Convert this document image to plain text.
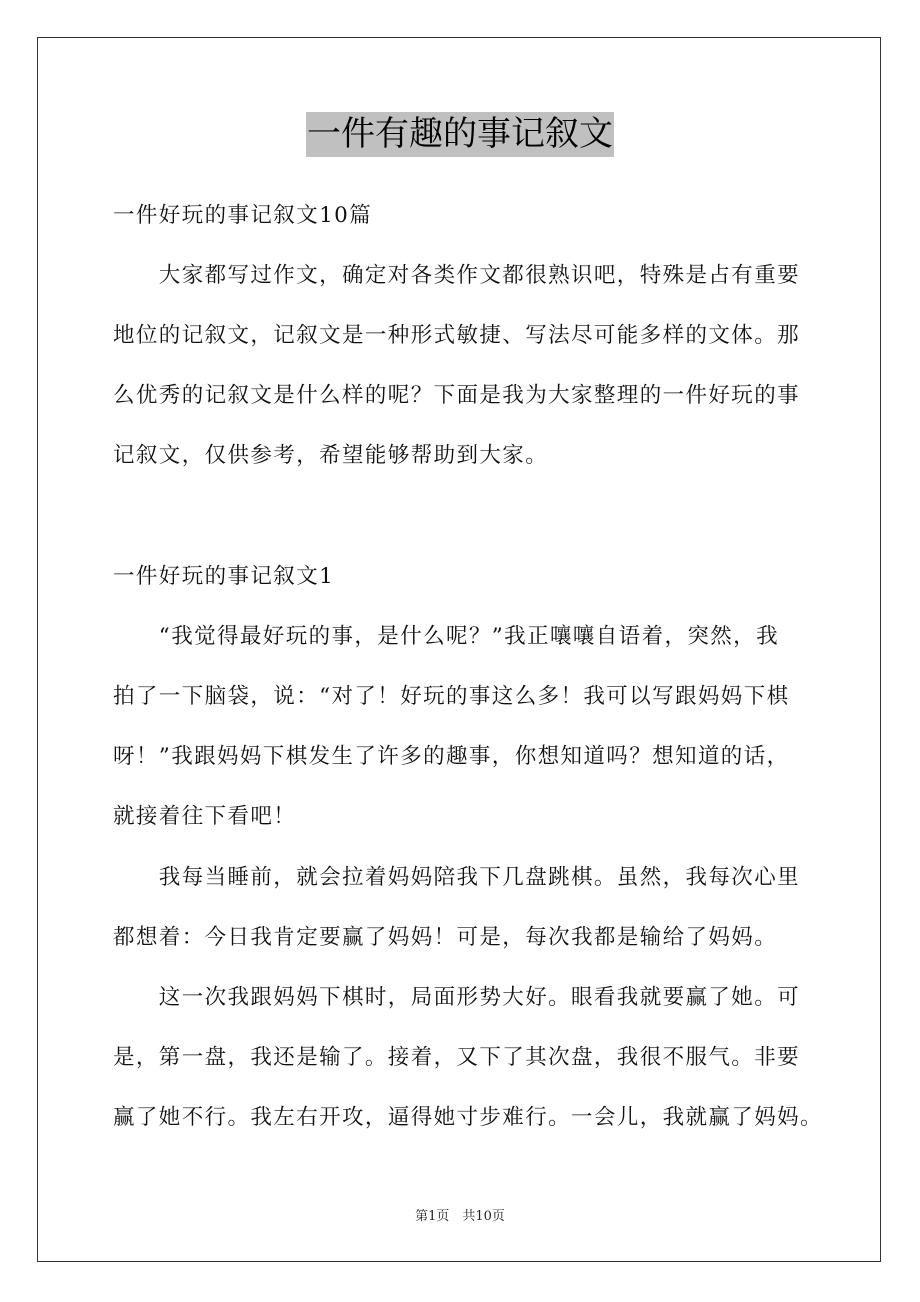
一件有趣的事记叙文
一件好玩的事记叙文10篇
　　大家都写过作文，确定对各类作文都很熟识吧，特殊是占有重要
地位的记叙文，记叙文是一种形式敏捷、写法尽可能多样的文体。那
么优秀的记叙文是什么样的呢？下面是我为大家整理的一件好玩的事
记叙文，仅供参考，希望能够帮助到大家。
一件好玩的事记叙文1
　　“我觉得最好玩的事，是什么呢？”我正嚷嚷自语着，突然，我
拍了一下脑袋，说：“对了！好玩的事这么多！我可以写跟妈妈下棋
呀！”我跟妈妈下棋发生了许多的趣事，你想知道吗？想知道的话，
就接着往下看吧！
　　我每当睡前，就会拉着妈妈陪我下几盘跳棋。虽然，我每次心里
都想着：今日我肯定要赢了妈妈！可是，每次我都是输给了妈妈。
　　这一次我跟妈妈下棋时，局面形势大好。眼看我就要赢了她。可
是，第一盘，我还是输了。接着，又下了其次盘，我很不服气。非要
赢了她不行。我左右开攻，逼得她寸步难行。一会儿，我就赢了妈妈。
第1页　共10页
